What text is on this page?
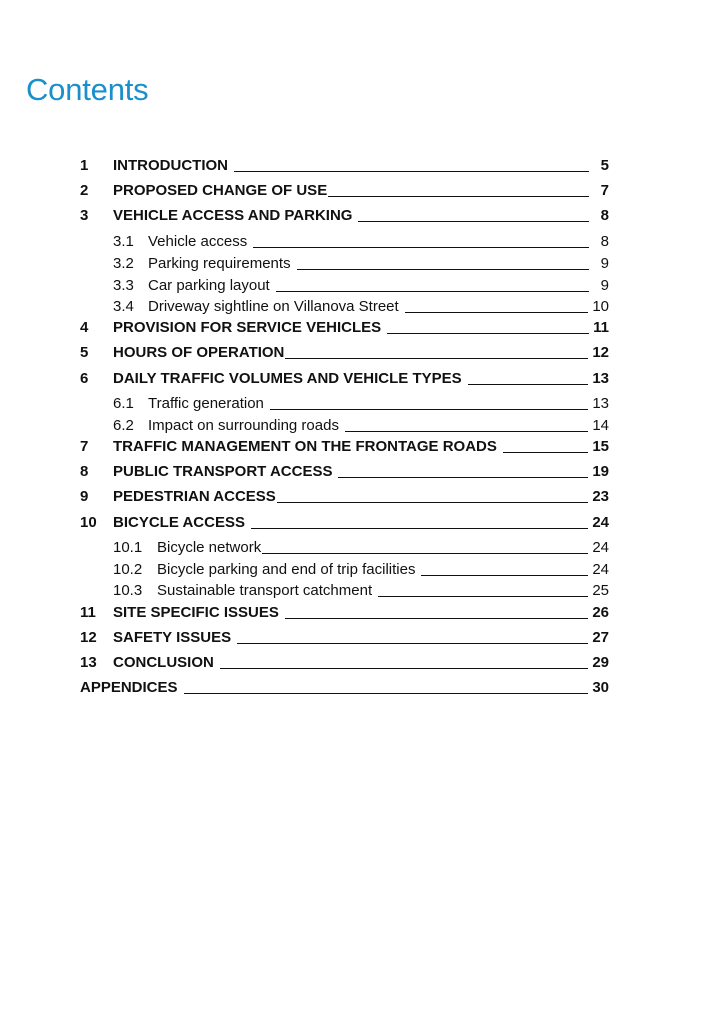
Contents
1	INTRODUCTION	5
2	PROPOSED CHANGE OF USE	7
3	VEHICLE ACCESS AND PARKING	8
3.1 Vehicle access	8
3.2 Parking requirements	9
3.3 Car parking layout	9
3.4 Driveway sightline on Villanova Street	10
4	PROVISION FOR SERVICE VEHICLES	11
5	HOURS OF OPERATION	12
6	DAILY TRAFFIC VOLUMES AND VEHICLE TYPES	13
6.1 Traffic generation	13
6.2 Impact on surrounding roads	14
7	TRAFFIC MANAGEMENT ON THE FRONTAGE ROADS	15
8	PUBLIC TRANSPORT ACCESS	19
9	PEDESTRIAN ACCESS	23
10	BICYCLE ACCESS	24
10.1 Bicycle network	24
10.2 Bicycle parking and end of trip facilities	24
10.3 Sustainable transport catchment	25
11	SITE SPECIFIC ISSUES	26
12	SAFETY ISSUES	27
13	CONCLUSION	29
APPENDICES	30
